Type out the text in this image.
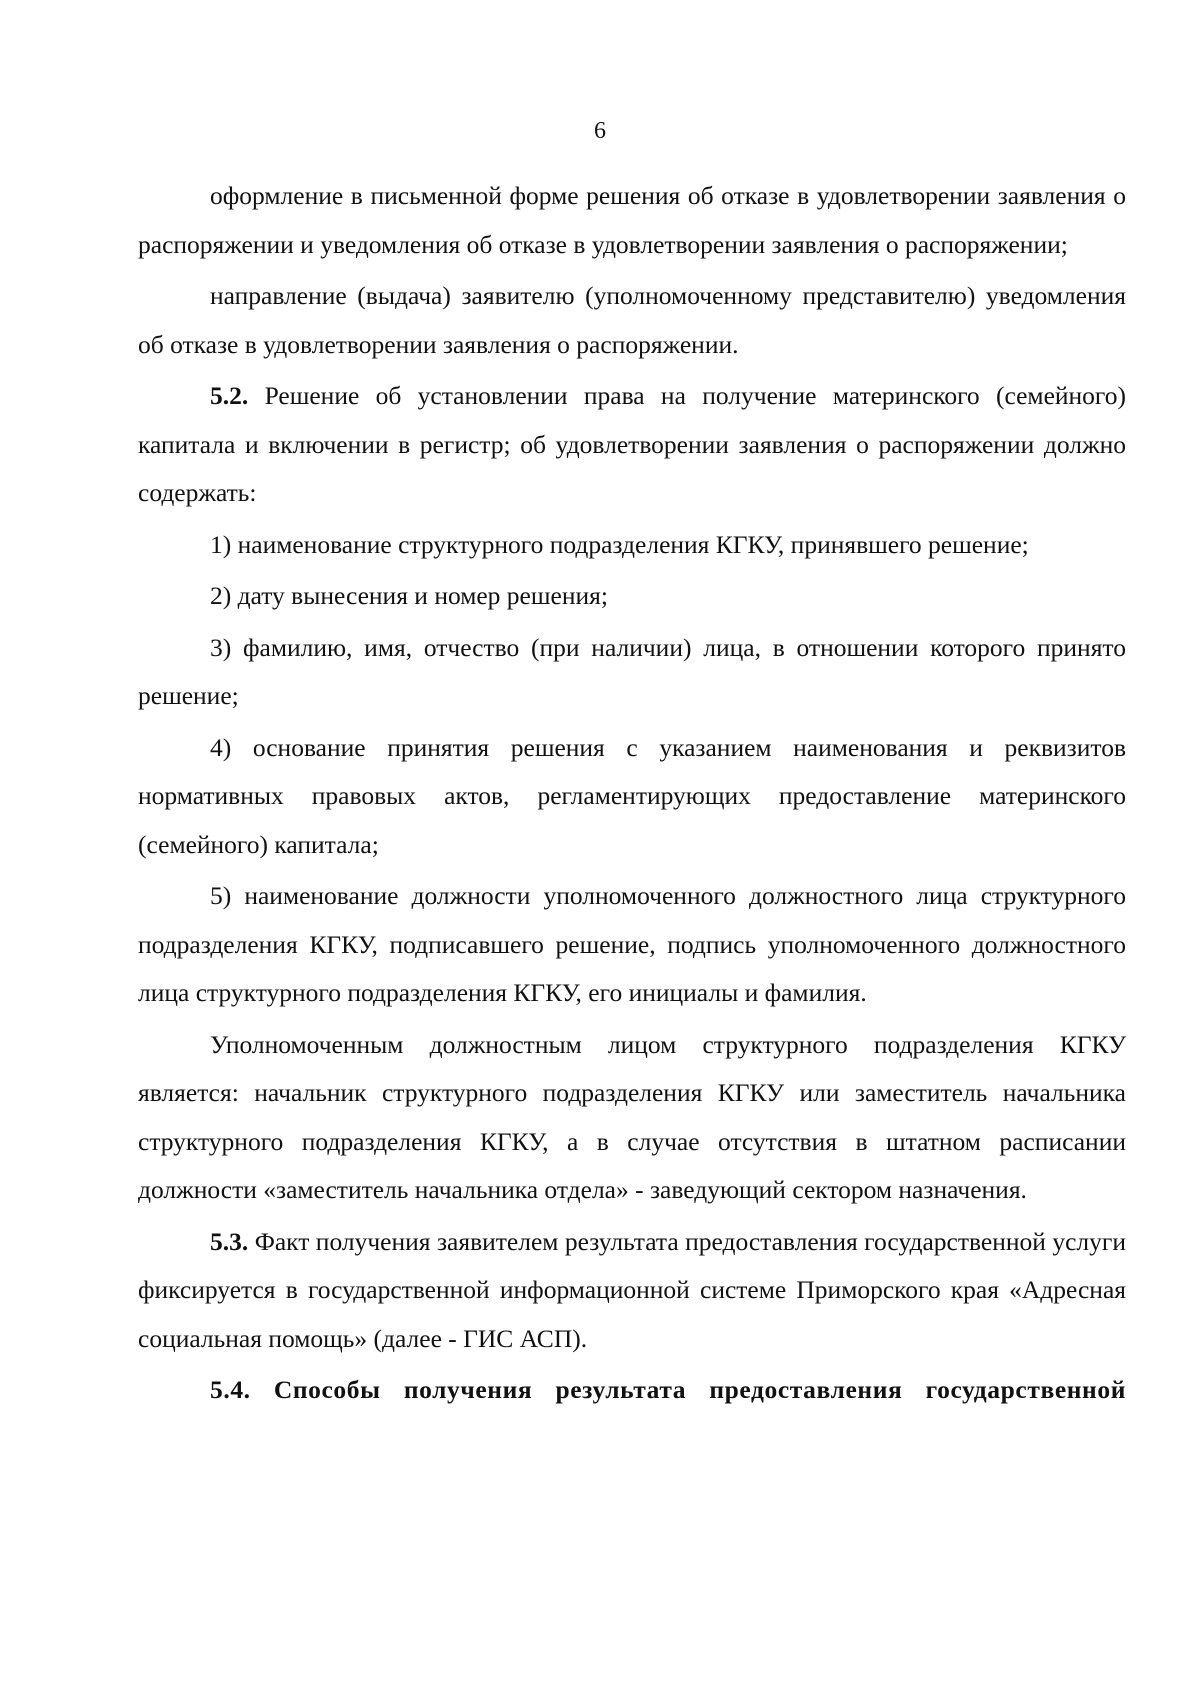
6

оформление в письменной форме решения об отказе в удовлетворении заявления о распоряжении и уведомления об отказе в удовлетворении заявления о распоряжении;

направление (выдача) заявителю (уполномоченному представителю) уведомления об отказе в удовлетворении заявления о распоряжении.

5.2. Решение об установлении права на получение материнского (семейного) капитала и включении в регистр; об удовлетворении заявления о распоряжении должно содержать:

1) наименование структурного подразделения КГКУ, принявшего решение;

2) дату вынесения и номер решения;

3) фамилию, имя, отчество (при наличии) лица, в отношении которого принято решение;

4) основание принятия решения с указанием наименования и реквизитов нормативных правовых актов, регламентирующих предоставление материнского (семейного) капитала;

5) наименование должности уполномоченного должностного лица структурного подразделения КГКУ, подписавшего решение, подпись уполномоченного должностного лица структурного подразделения КГКУ, его инициалы и фамилия.

Уполномоченным должностным лицом структурного подразделения КГКУ является: начальник структурного подразделения КГКУ или заместитель начальника структурного подразделения КГКУ, а в случае отсутствия в штатном расписании должности «заместитель начальника отдела» - заведующий сектором назначения.

5.3. Факт получения заявителем результата предоставления государственной услуги фиксируется в государственной информационной системе Приморского края «Адресная социальная помощь» (далее - ГИС АСП).

5.4. Способы получения результата предоставления государственной
